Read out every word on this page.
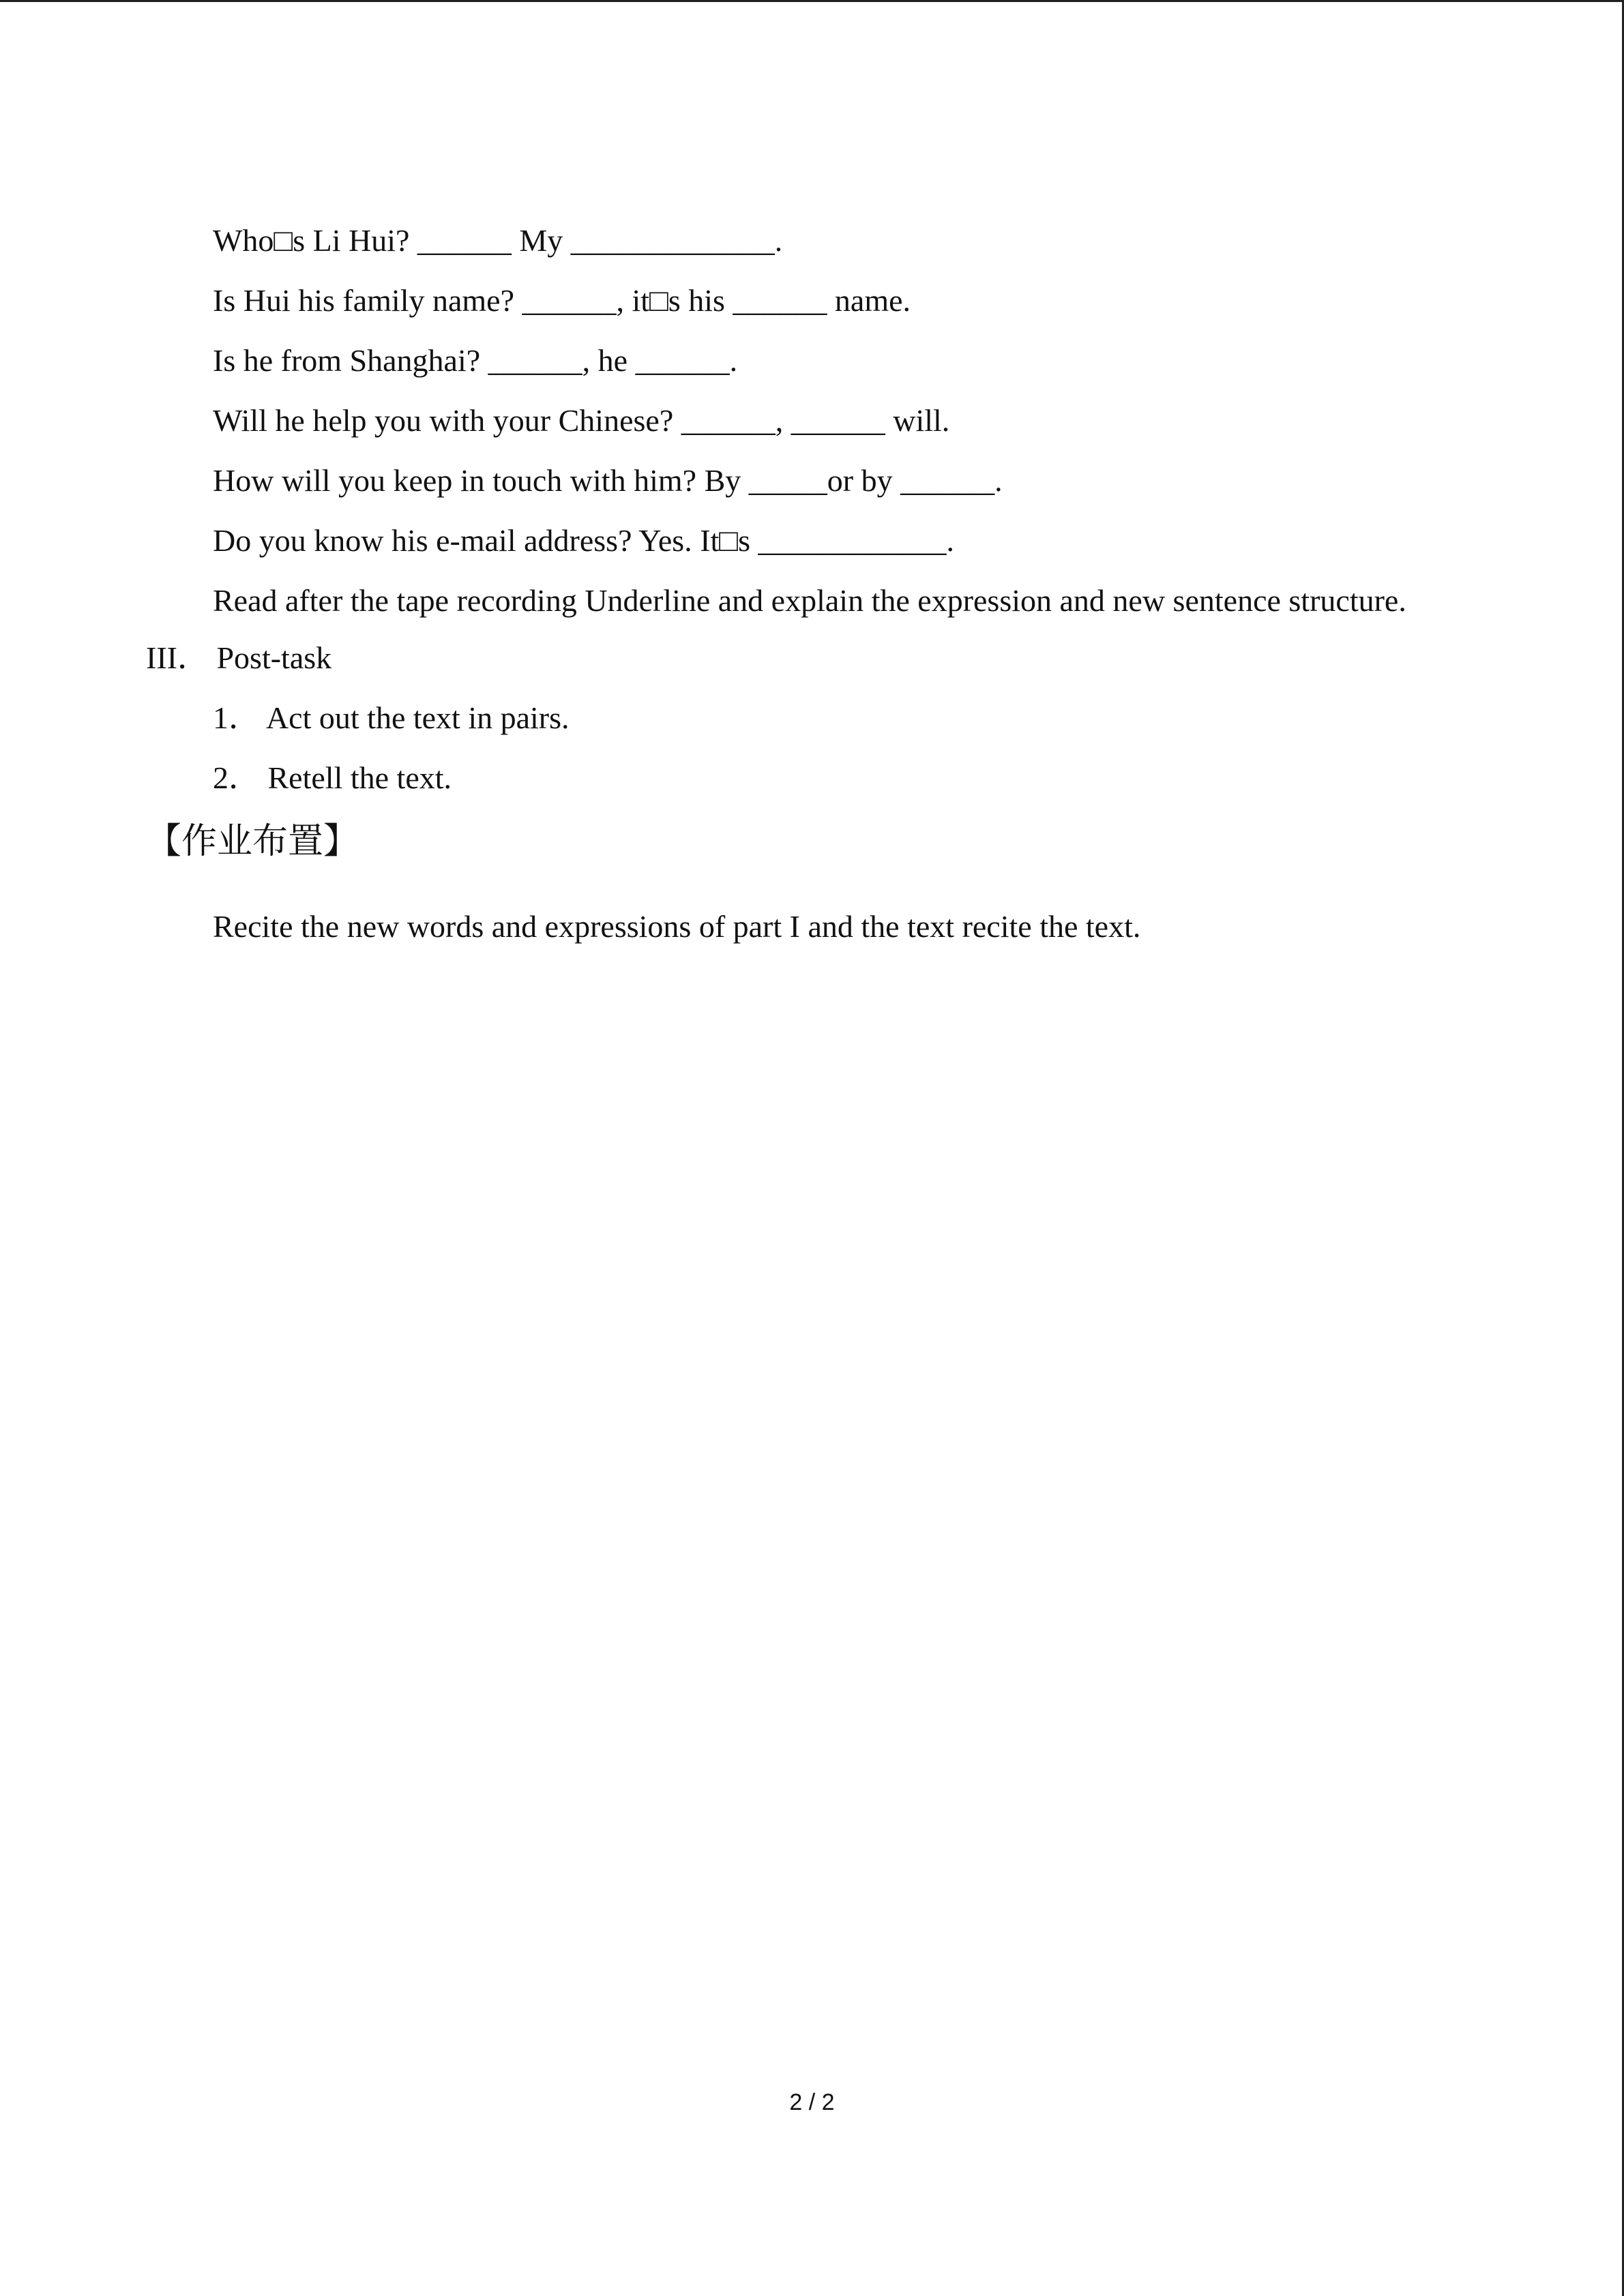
Who□s Li Hui? ______ My _____________.
Is Hui his family name? ______, it□s his ______ name.
Is he from Shanghai? ______, he ______.
Will he help you with your Chinese? ______, ______ will.
How will you keep in touch with him? By _____or by ______.
Do you know his e-mail address? Yes. It□s ____________.
Read after the tape recording Underline and explain the expression and new sentence structure.
III． Post-task
1． Act out the text in pairs.
2． Retell the text.
【作业布置】
Recite the new words and expressions of part I and the text recite the text.
2 / 2
